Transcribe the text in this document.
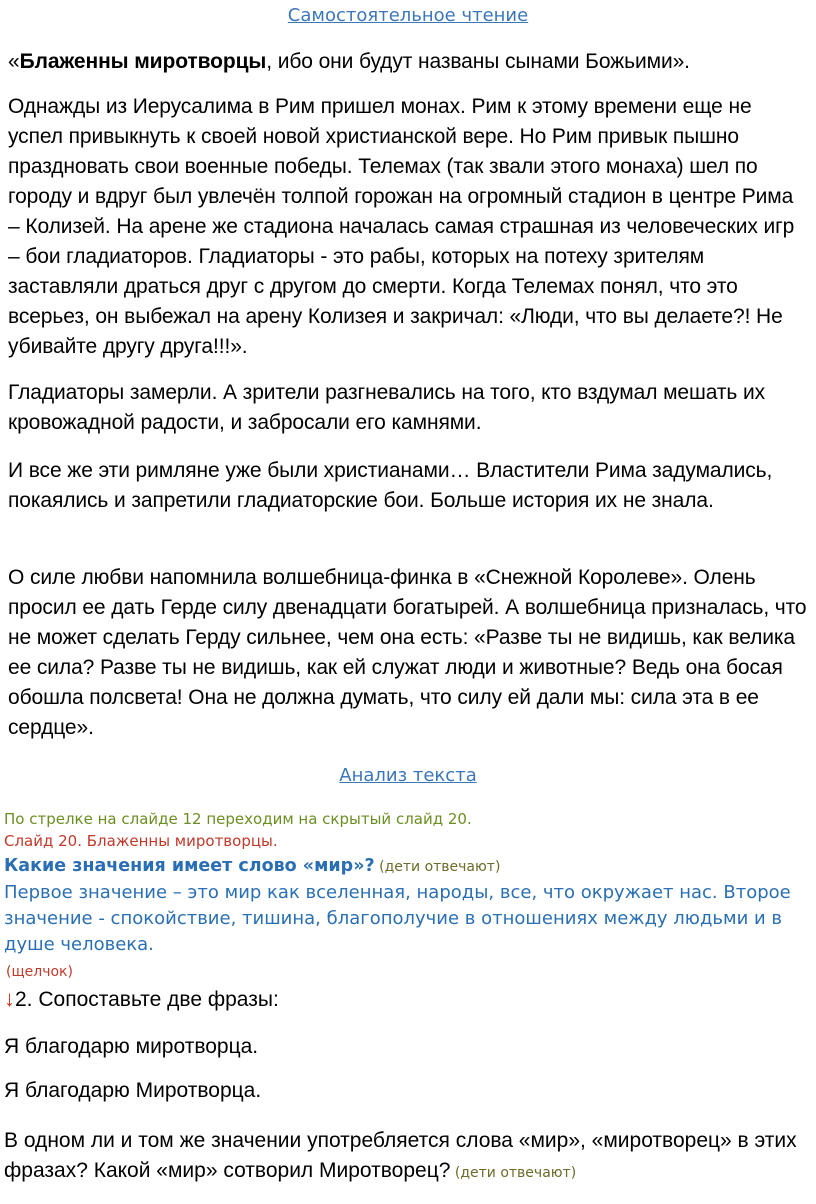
Самостоятельное чтение

«Блаженны миротворцы, ибо они будут названы сынами Божьими».

Однажды из Иерусалима в Рим пришел монах. Рим к этому времени еще не успел привыкнуть к своей новой христианской вере. Но Рим привык пышно праздновать свои военные победы. Телемах (так звали этого монаха) шел по городу и вдруг был увлечён толпой горожан на огромный стадион в центре Рима – Колизей. На арене же стадиона началась самая страшная из человеческих игр – бои гладиаторов. Гладиаторы - это рабы, которых на потеху зрителям заставляли драться друг с другом до смерти. Когда Телемах понял, что это всерьез, он выбежал на арену Колизея и закричал: «Люди, что вы делаете?! Не убивайте другу друга!!!».

Гладиаторы замерли. А зрители разгневались на того, кто вздумал мешать их кровожадной радости, и забросали его камнями.

И все же эти римляне уже были христианами… Властители Рима задумались, покаялись и запретили гладиаторские бои. Больше история их не знала.

О силе любви напомнила волшебница-финка в «Снежной Королеве». Олень просил ее дать Герде силу двенадцати богатырей. А волшебница призналась, что не может сделать Герду сильнее, чем она есть: «Разве ты не видишь, как велика ее сила? Разве ты не видишь, как ей служат люди и животные? Ведь она босая обошла полсвета! Она не должна думать, что силу ей дали мы: сила эта в ее сердце».

Анализ текста

По стрелке на слайде 12 переходим на скрытый слайд 20.

Слайд 20. Блаженны миротворцы.

Какие значения имеет слово «мир»? (дети отвечают)

Первое значение – это мир как вселенная, народы, все, что окружает нас. Второе значение - спокойствие, тишина, благополучие в отношениях между людьми и в душе человека.

(щелчок)

↓2. Сопоставьте две фразы:

Я благодарю миротворца.

Я благодарю Миротворца.

В одном ли и том же значении употребляется слова «мир», «миротворец» в этих фразах? Какой «мир» сотворил Миротворец? (дети отвечают)
